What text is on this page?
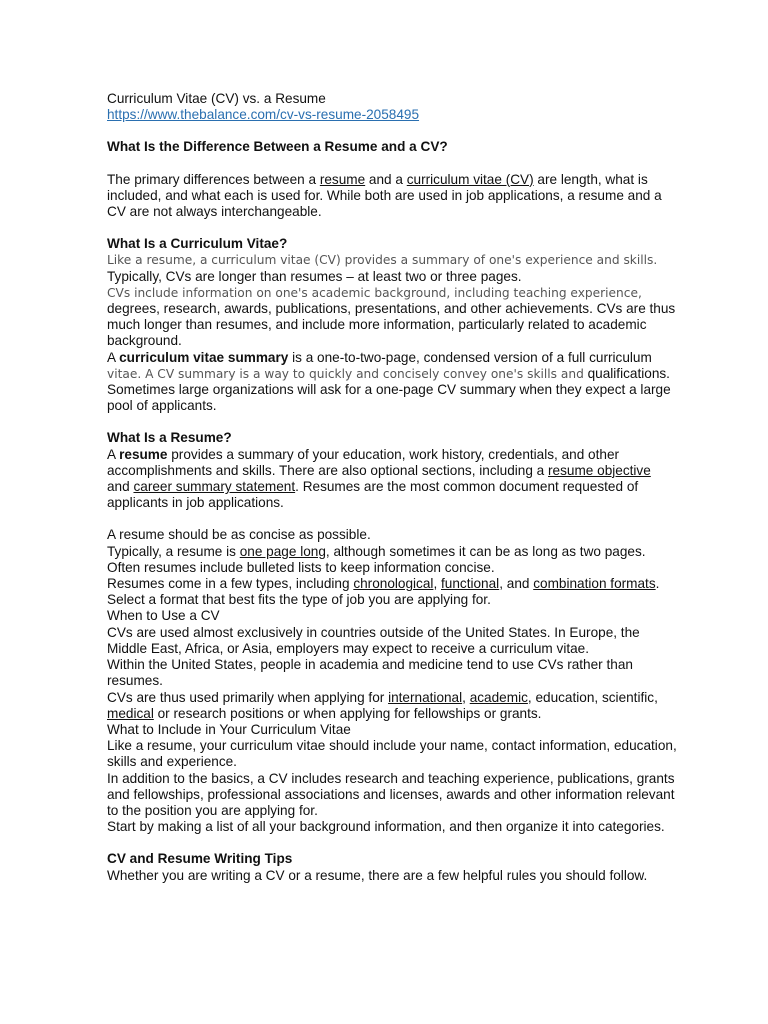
Curriculum Vitae (CV) vs. a Resume

https://www.thebalance.com/cv-vs-resume-2058495

What Is the Difference Between a Resume and a CV?

The primary differences between a resume and a curriculum vitae (CV) are length, what is included, and what each is used for. While both are used in job applications, a resume and a CV are not always interchangeable.

What Is a Curriculum Vitae?

Like a resume, a curriculum vitae (CV) provides a summary of one's experience and skills.

Typically, CVs are longer than resumes – at least two or three pages.

CVs include information on one's academic background, including teaching experience, degrees, research, awards, publications, presentations, and other achievements. CVs are thus much longer than resumes, and include more information, particularly related to academic background.

A curriculum vitae summary is a one-to-two-page, condensed version of a full curriculum vitae. A CV summary is a way to quickly and concisely convey one's skills and qualifications. Sometimes large organizations will ask for a one-page CV summary when they expect a large pool of applicants.

What Is a Resume?

A resume provides a summary of your education, work history, credentials, and other accomplishments and skills. There are also optional sections, including a resume objective and career summary statement. Resumes are the most common document requested of applicants in job applications.

A resume should be as concise as possible.

Typically, a resume is one page long, although sometimes it can be as long as two pages.

Often resumes include bulleted lists to keep information concise.

Resumes come in a few types, including chronological, functional, and combination formats. Select a format that best fits the type of job you are applying for.

When to Use a CV

CVs are used almost exclusively in countries outside of the United States. In Europe, the Middle East, Africa, or Asia, employers may expect to receive a curriculum vitae.

Within the United States, people in academia and medicine tend to use CVs rather than resumes.

CVs are thus used primarily when applying for international, academic, education, scientific, medical or research positions or when applying for fellowships or grants.

What to Include in Your Curriculum Vitae

Like a resume, your curriculum vitae should include your name, contact information, education, skills and experience.

In addition to the basics, a CV includes research and teaching experience, publications, grants and fellowships, professional associations and licenses, awards and other information relevant to the position you are applying for.

Start by making a list of all your background information, and then organize it into categories.

CV and Resume Writing Tips

Whether you are writing a CV or a resume, there are a few helpful rules you should follow.
